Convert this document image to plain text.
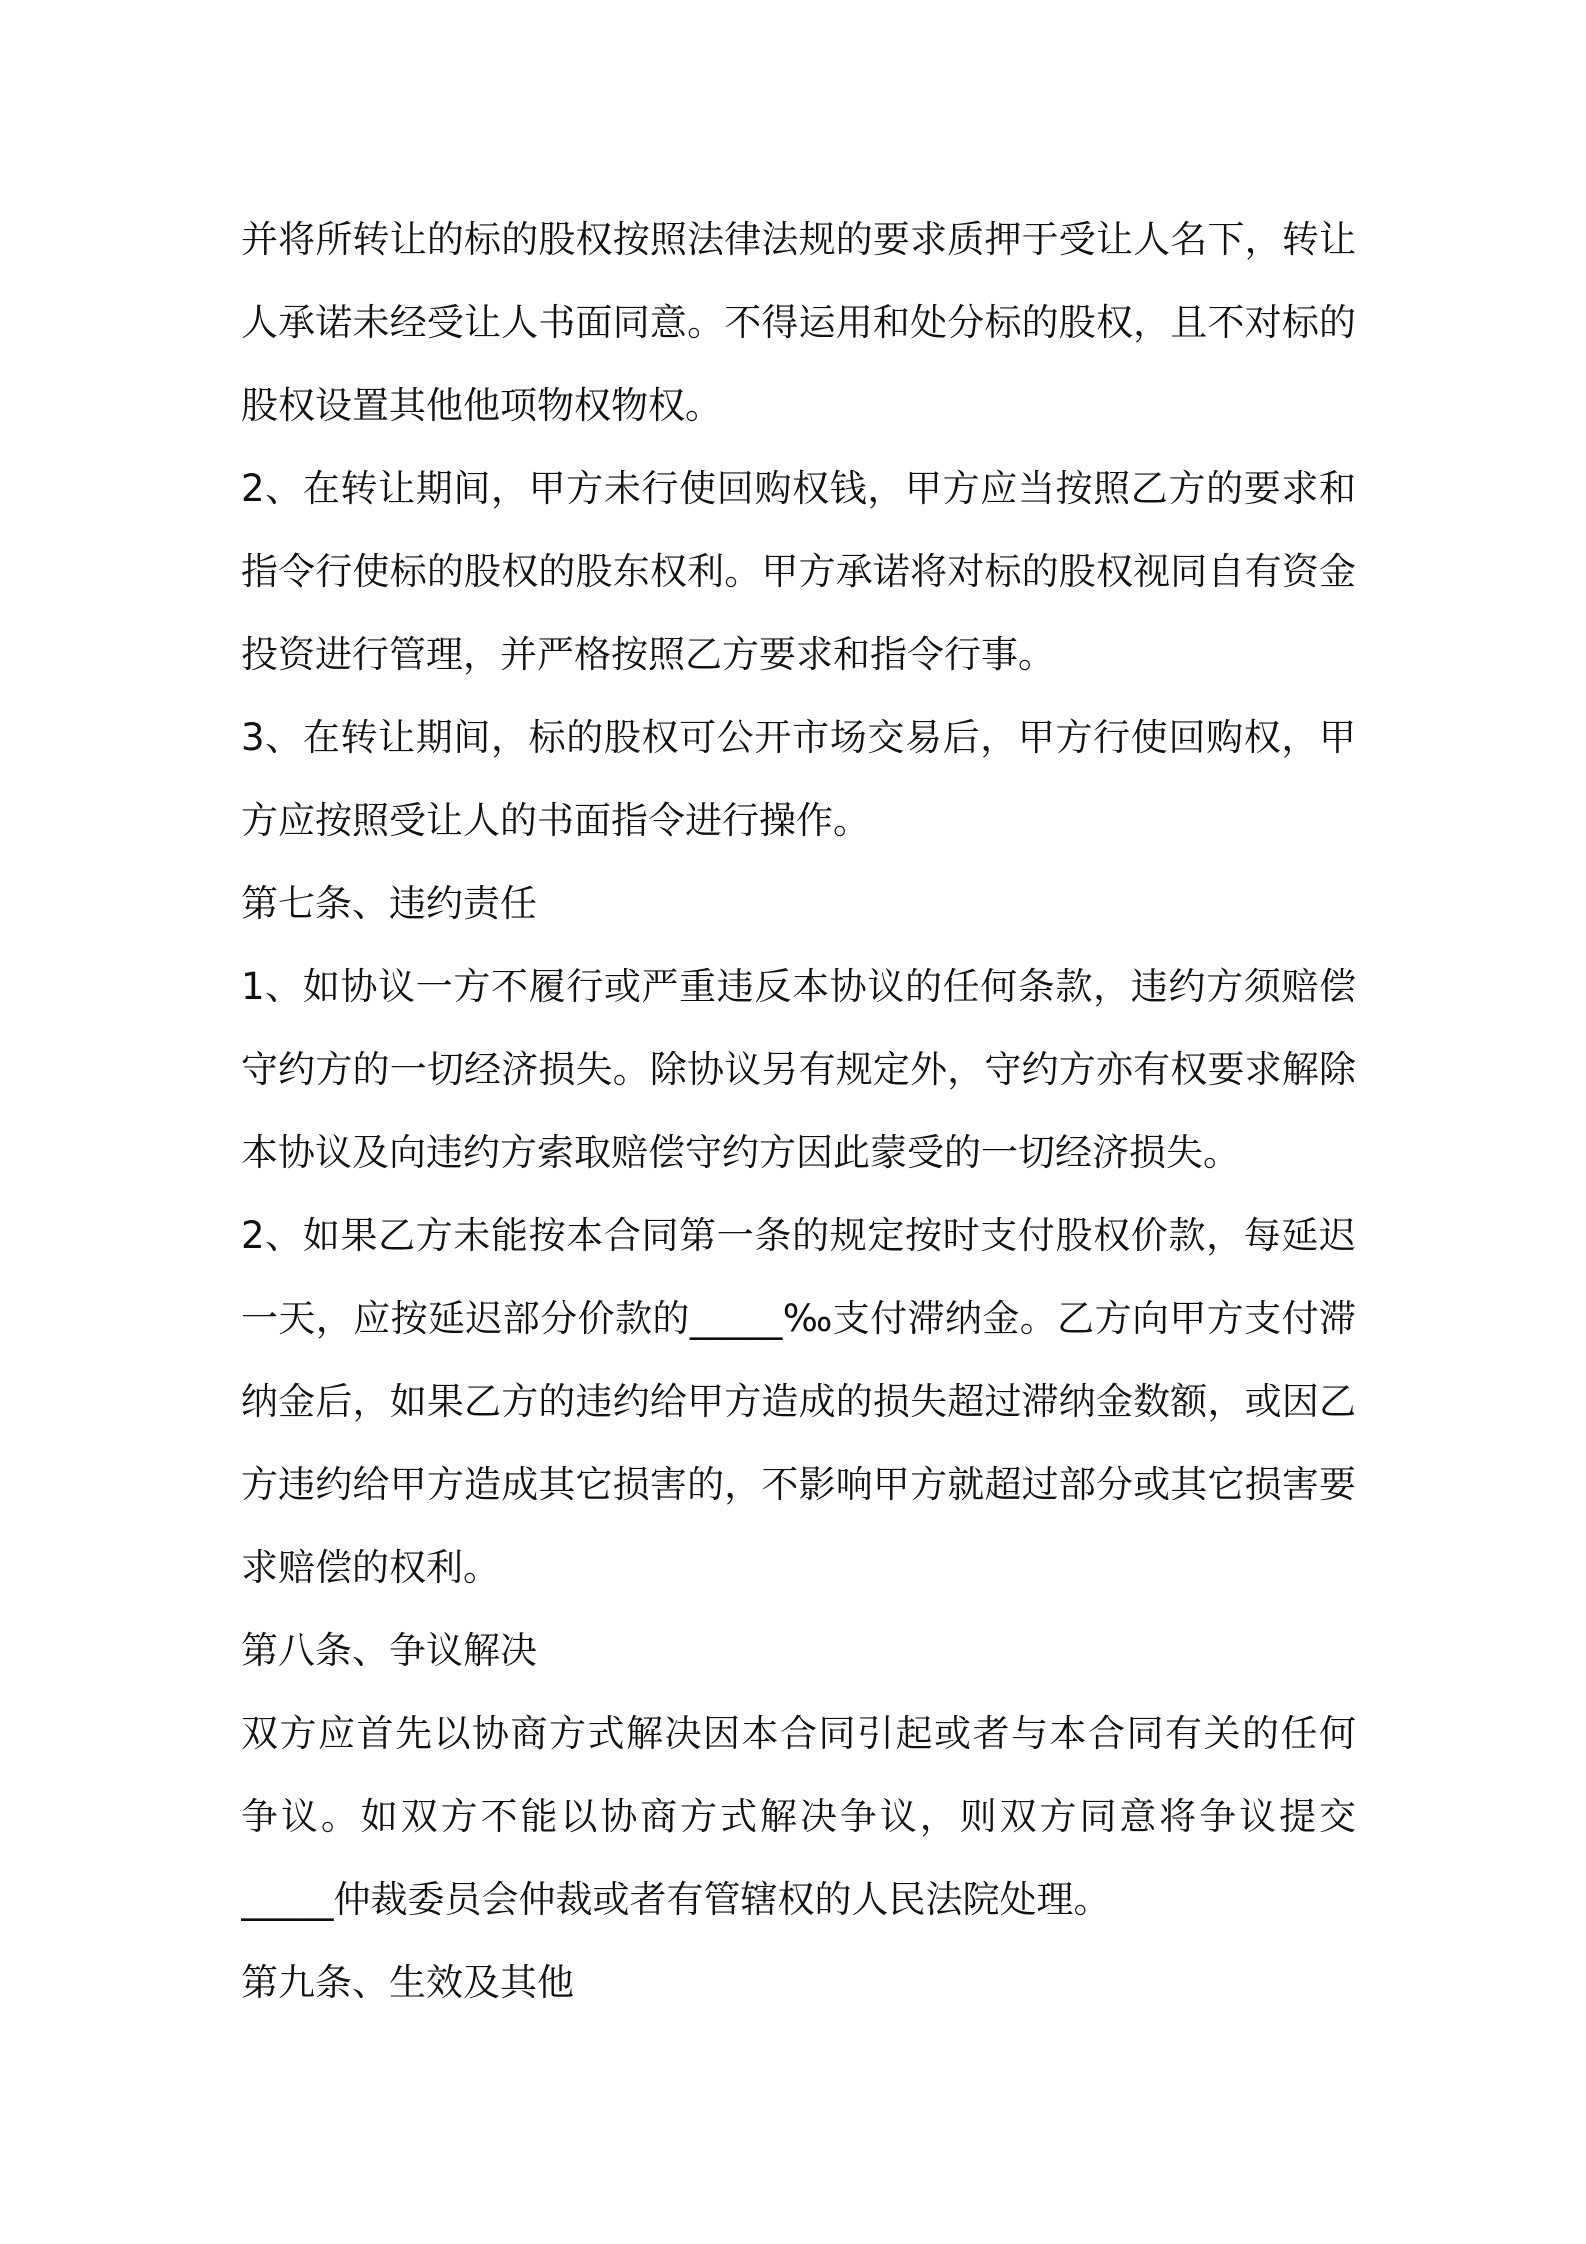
并将所转让的标的股权按照法律法规的要求质押于受让人名下，转让
人承诺未经受让人书面同意。不得运用和处分标的股权，且不对标的
股权设置其他他项物权物权。
2、在转让期间，甲方未行使回购权钱，甲方应当按照乙方的要求和
指令行使标的股权的股东权利。甲方承诺将对标的股权视同自有资金
投资进行管理，并严格按照乙方要求和指令行事。
3、在转让期间，标的股权可公开市场交易后，甲方行使回购权，甲
方应按照受让人的书面指令进行操作。
第七条、违约责任
1、如协议一方不履行或严重违反本协议的任何条款，违约方须赔偿
守约方的一切经济损失。除协议另有规定外，守约方亦有权要求解除
本协议及向违约方索取赔偿守约方因此蒙受的一切经济损失。
2、如果乙方未能按本合同第一条的规定按时支付股权价款，每延迟
一天，应按延迟部分价款的_____‰支付滞纳金。乙方向甲方支付滞
纳金后，如果乙方的违约给甲方造成的损失超过滞纳金数额，或因乙
方违约给甲方造成其它损害的，不影响甲方就超过部分或其它损害要
求赔偿的权利。
第八条、争议解决
双方应首先以协商方式解决因本合同引起或者与本合同有关的任何
争议。如双方不能以协商方式解决争议，则双方同意将争议提交
_____仲裁委员会仲裁或者有管辖权的人民法院处理。
第九条、生效及其他
